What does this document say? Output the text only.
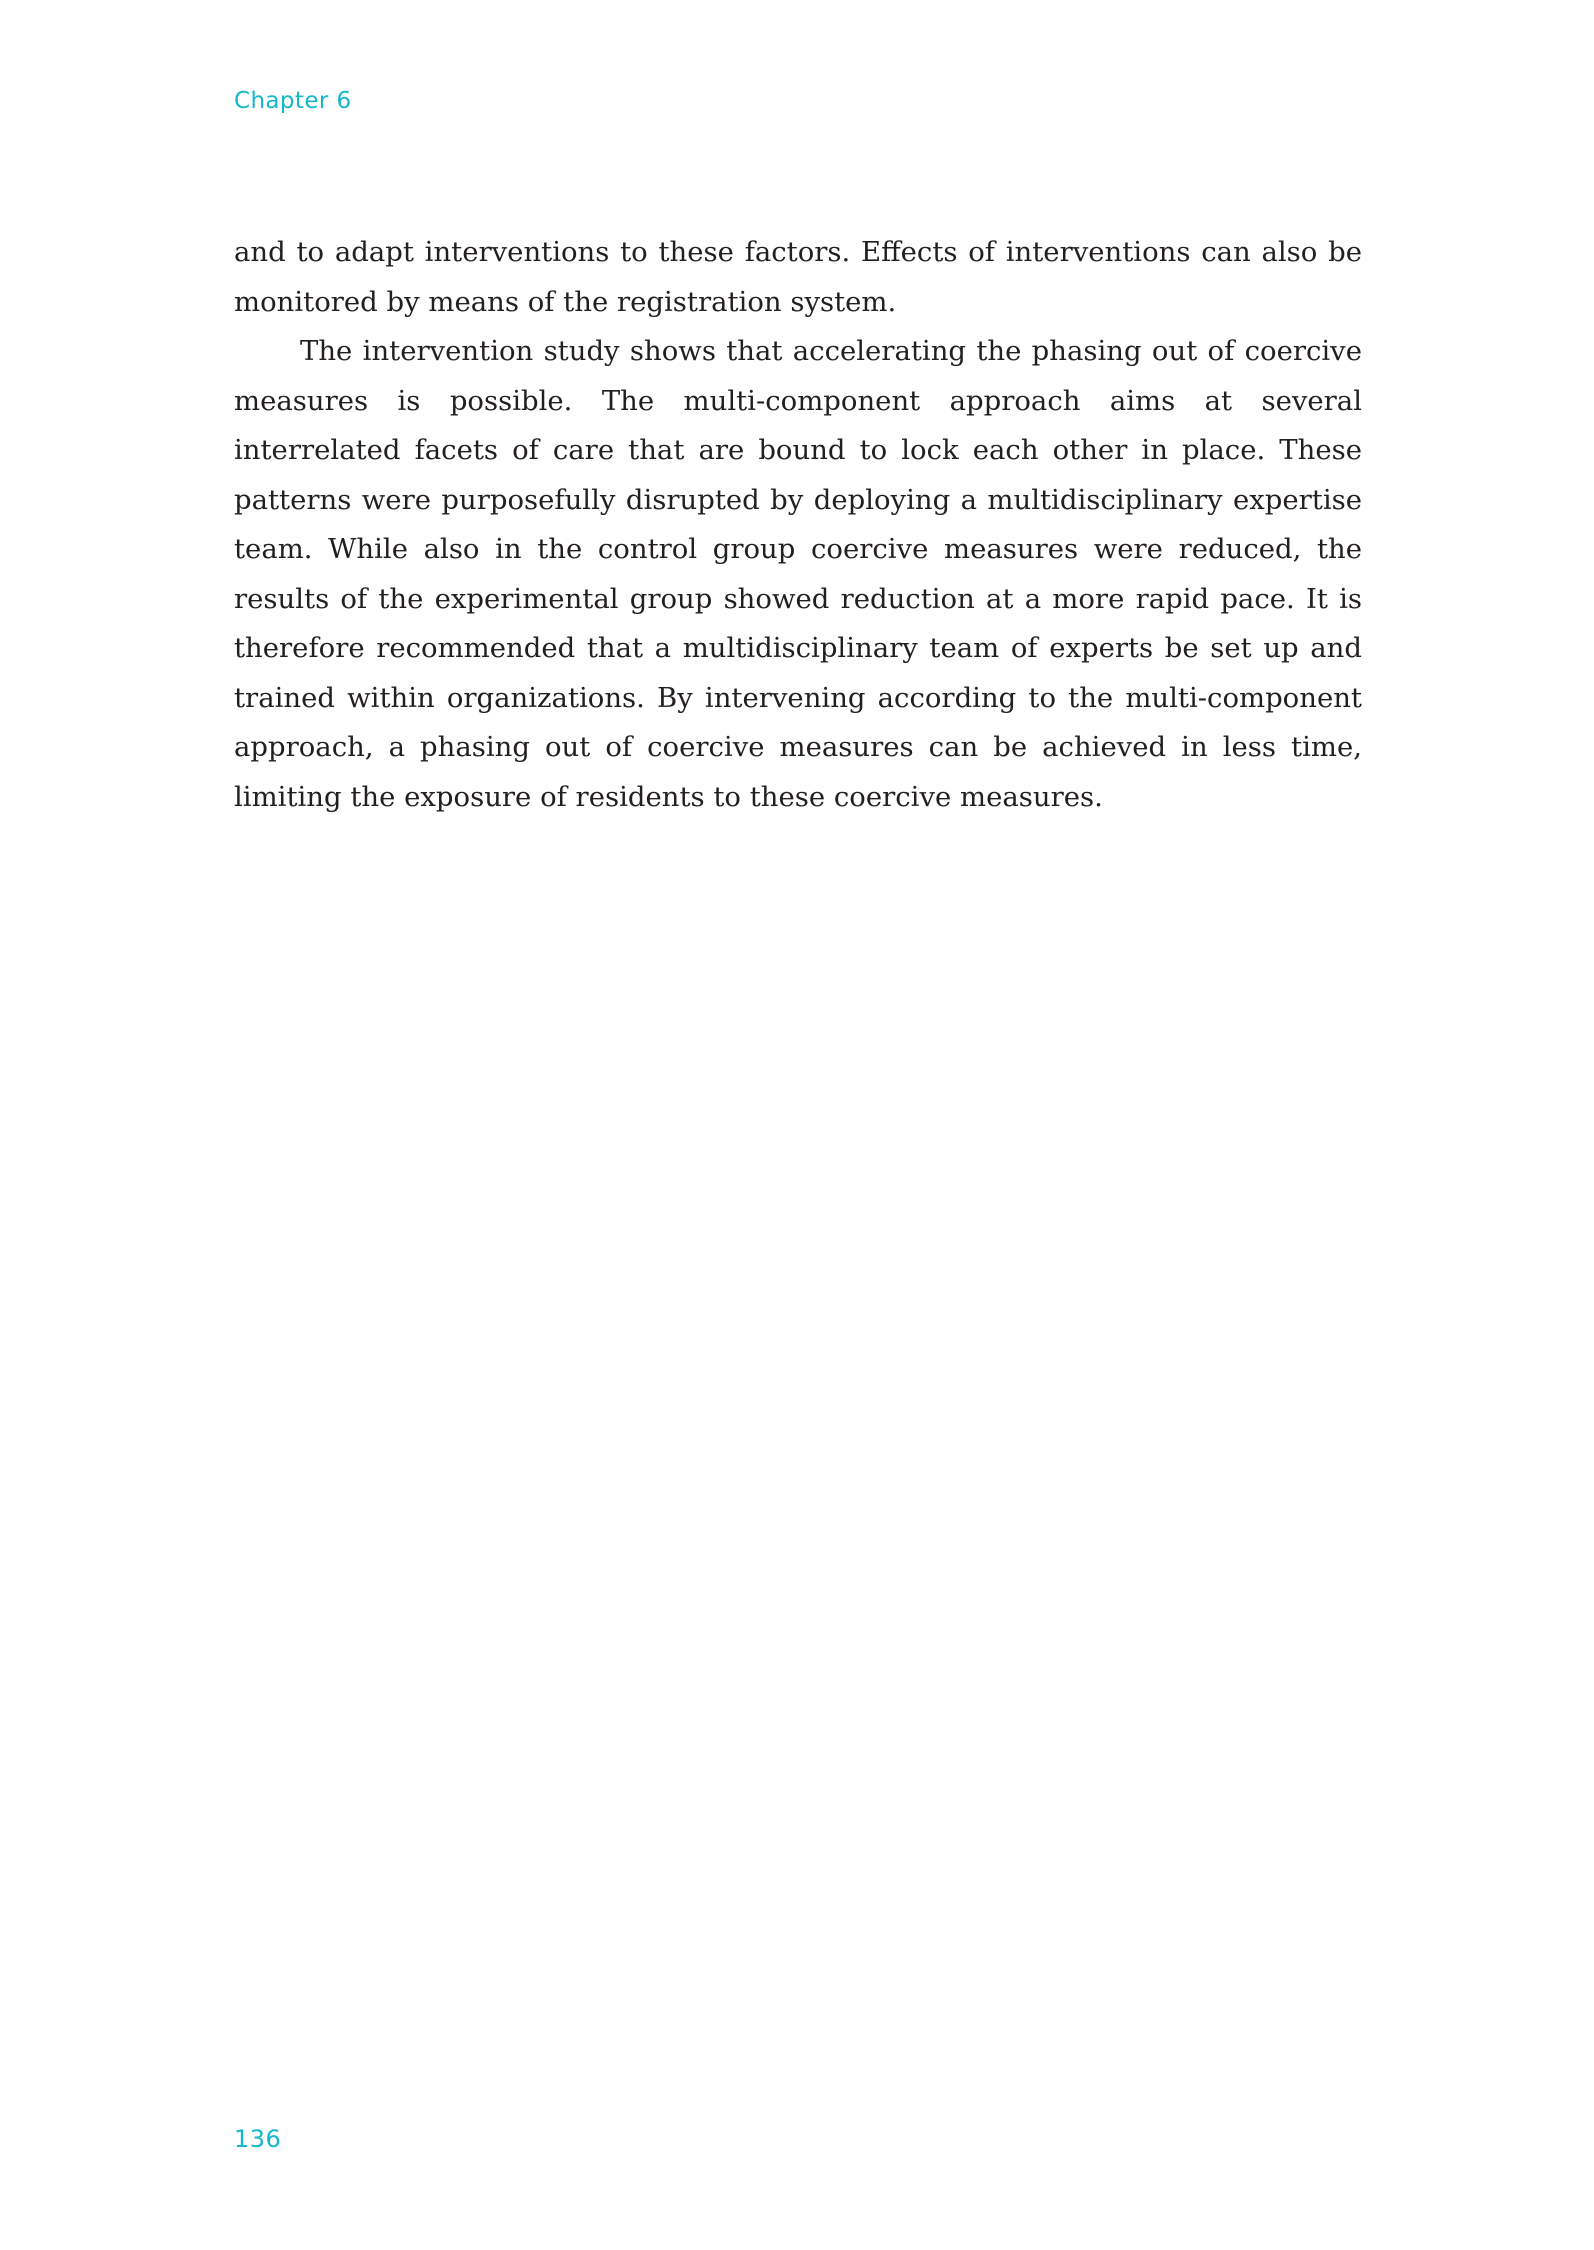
Chapter 6

and to adapt interventions to these factors. Effects of interventions can also be monitored by means of the registration system.

The intervention study shows that accelerating the phasing out of coercive measures is possible. The multi-component approach aims at several interrelated facets of care that are bound to lock each other in place. These patterns were purposefully disrupted by deploying a multidisciplinary expertise team. While also in the control group coercive measures were reduced, the results of the experimental group showed reduction at a more rapid pace. It is therefore recommended that a multidisciplinary team of experts be set up and trained within organizations. By intervening according to the multi-component approach, a phasing out of coercive measures can be achieved in less time, limiting the exposure of residents to these coercive measures.

136
